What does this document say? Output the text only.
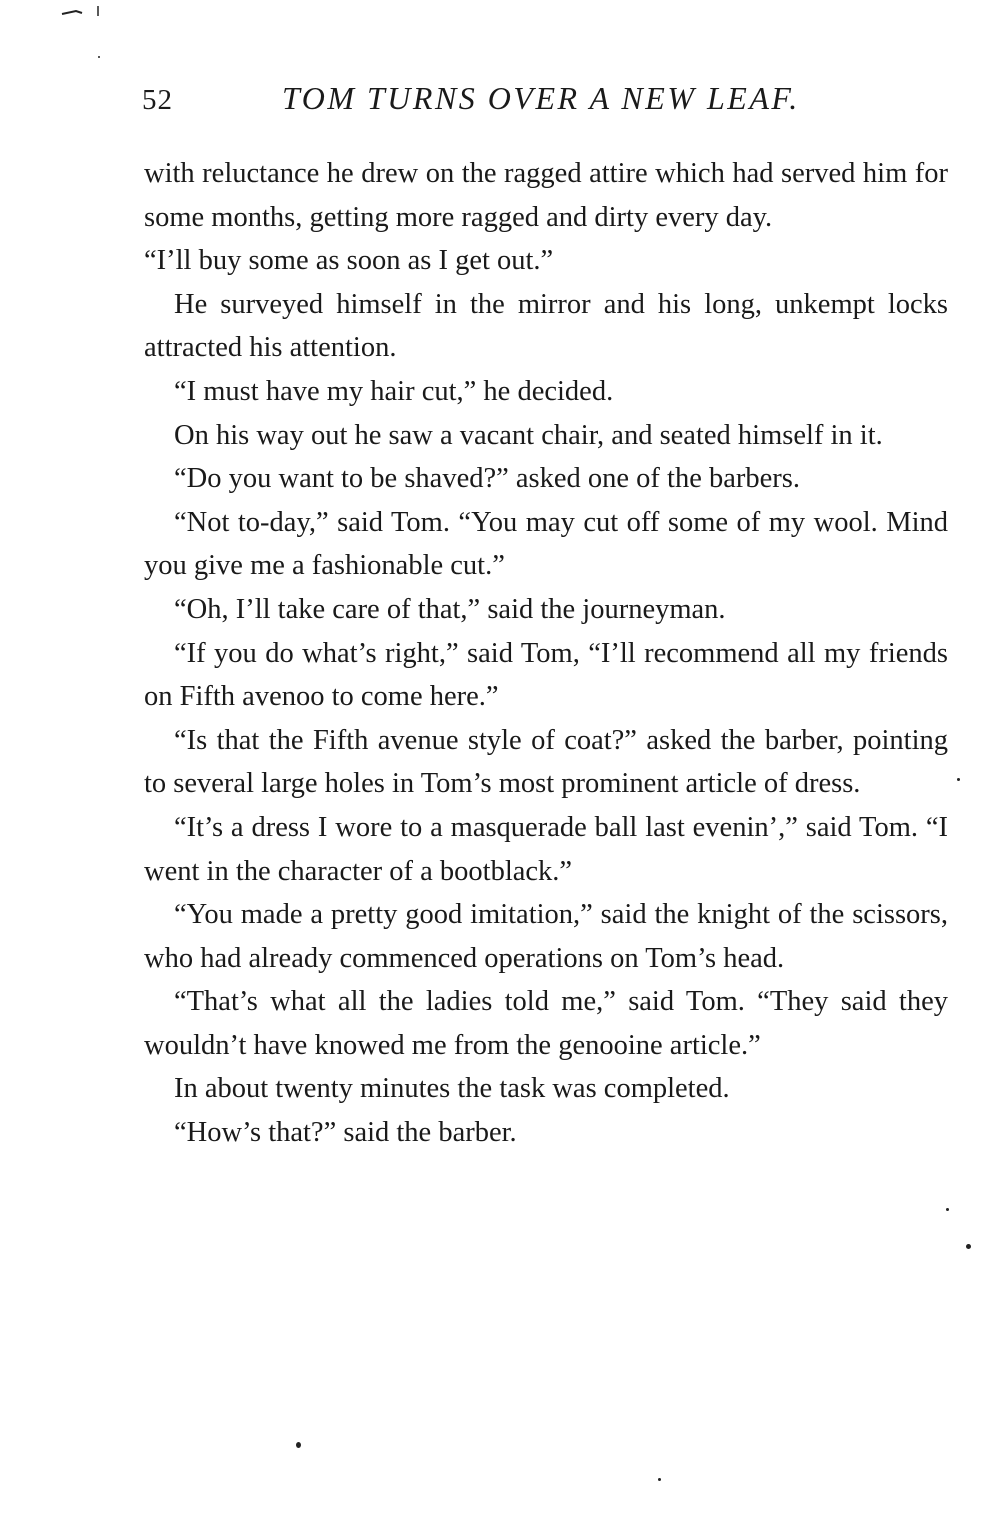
52	TOM TURNS OVER A NEW LEAF.

with reluctance he drew on the ragged attire which had served him for some months, getting more ragged and dirty every day.

“I’ll buy some as soon as I get out.”

He surveyed himself in the mirror and his long, unkempt locks attracted his attention.

“I must have my hair cut,” he decided.

On his way out he saw a vacant chair, and seated himself in it.

“Do you want to be shaved?” asked one of the barbers.

“Not to-day,” said Tom. “You may cut off some of my wool. Mind you give me a fashionable cut.”

“Oh, I’ll take care of that,” said the journeyman.

“If you do what’s right,” said Tom, “I’ll recommend all my friends on Fifth avenoo to come here.”

“Is that the Fifth avenue style of coat?” asked the barber, pointing to several large holes in Tom’s most prominent article of dress.

“It’s a dress I wore to a masquerade ball last evenin’,” said Tom. “I went in the character of a bootblack.”

“You made a pretty good imitation,” said the knight of the scissors, who had already commenced operations on Tom’s head.

“That’s what all the ladies told me,” said Tom. “They said they wouldn’t have knowed me from the genooine article.”

In about twenty minutes the task was completed.

“How’s that?” said the barber.
